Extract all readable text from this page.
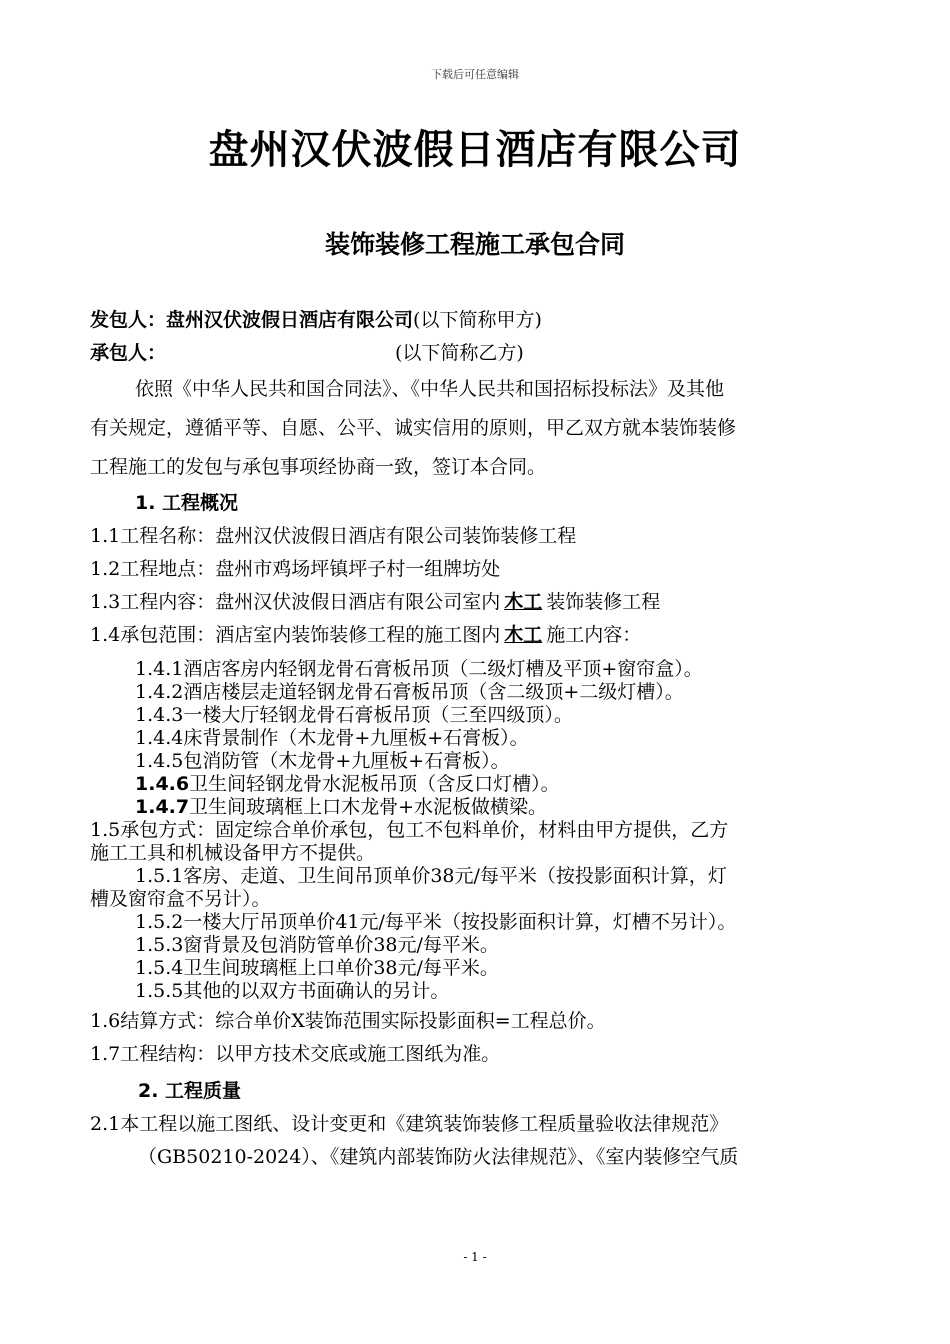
下载后可任意编辑
盘州汉伏波假日酒店有限公司
装饰装修工程施工承包合同
发包人：盘州汉伏波假日酒店有限公司(以下简称甲方)
承包人：	(以下简称乙方)
依照《中华人民共和国合同法》、《中华人民共和国招标投标法》及其他
有关规定，遵循平等、自愿、公平、诚实信用的原则，甲乙双方就本装饰装修
工程施工的发包与承包事项经协商一致，签订本合同。
1. 工程概况
1.1工程名称：盘州汉伏波假日酒店有限公司装饰装修工程
1.2工程地点：盘州市鸡场坪镇坪子村一组牌坊处
1.3工程内容：盘州汉伏波假日酒店有限公司室内 木工 装饰装修工程
1.4承包范围：酒店室内装饰装修工程的施工图内 木工 施工内容：
1.4.1酒店客房内轻钢龙骨石膏板吊顶（二级灯槽及平顶+窗帘盒）。
1.4.2酒店楼层走道轻钢龙骨石膏板吊顶（含二级顶+二级灯槽）。
1.4.3一楼大厅轻钢龙骨石膏板吊顶（三至四级顶）。
1.4.4床背景制作（木龙骨+九厘板+石膏板）。
1.4.5包消防管（木龙骨+九厘板+石膏板）。
1.4.6卫生间轻钢龙骨水泥板吊顶（含反口灯槽）。
1.4.7卫生间玻璃框上口木龙骨+水泥板做横梁。
1.5承包方式：固定综合单价承包，包工不包料单价，材料由甲方提供，乙方
施工工具和机械设备甲方不提供。
1.5.1客房、走道、卫生间吊顶单价38元/每平米（按投影面积计算，灯
槽及窗帘盒不另计）。
1.5.2一楼大厅吊顶单价41元/每平米（按投影面积计算，灯槽不另计）。
1.5.3窗背景及包消防管单价38元/每平米。
1.5.4卫生间玻璃框上口单价38元/每平米。
1.5.5其他的以双方书面确认的另计。
1.6结算方式：综合单价X装饰范围实际投影面积=工程总价。
1.7工程结构：以甲方技术交底或施工图纸为准。
2. 工程质量
2.1本工程以施工图纸、设计变更和《建筑装饰装修工程质量验收法律规范》
（GB50210-2024）、《建筑内部装饰防火法律规范》、《室内装修空气质
- 1 -
